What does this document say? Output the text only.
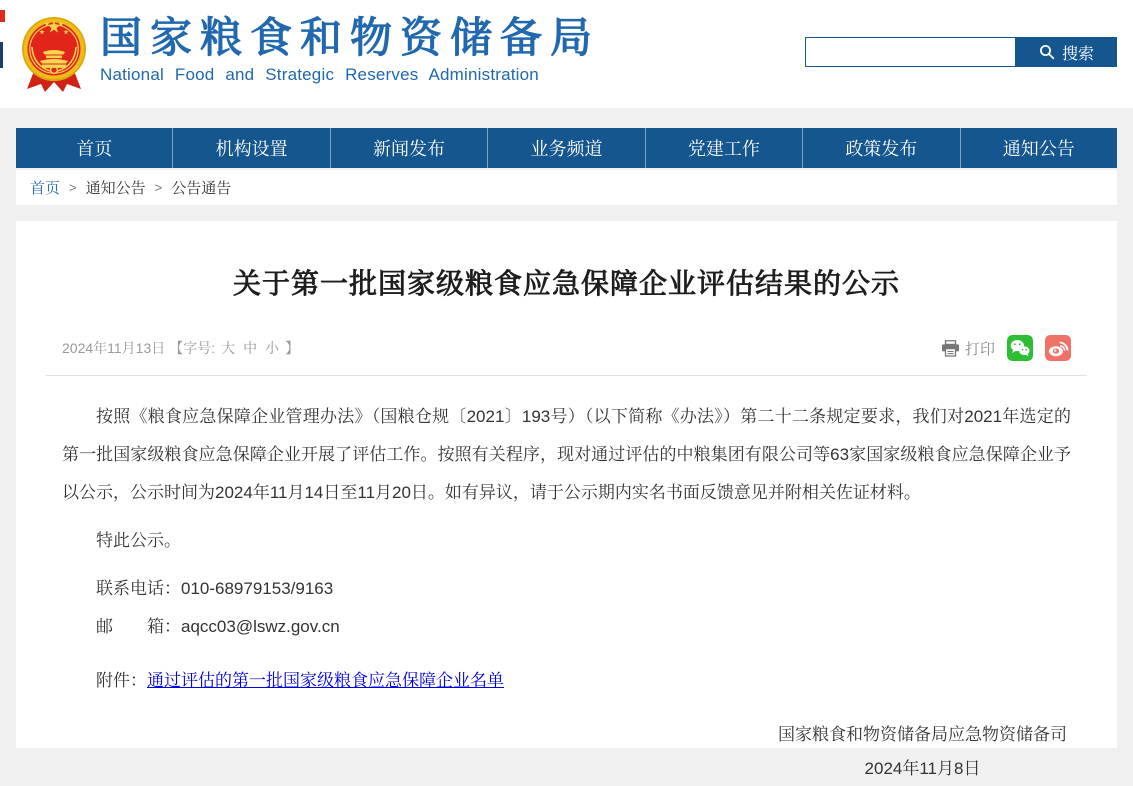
国家粮食和物资储备局
National Food and Strategic Reserves Administration
搜索
首页	机构设置	新闻发布	业务频道	党建工作	政策发布	通知公告
首页 > 通知公告 > 公告通告
关于第一批国家级粮食应急保障企业评估结果的公示
2024年11月13日 【字号: 大 中 小 】	打印

按照《粮食应急保障企业管理办法》（国粮仓规〔2021〕193号）（以下简称《办法》）第二十二条规定要求，我们对2021年选定的第一批国家级粮食应急保障企业开展了评估工作。按照有关程序，现对通过评估的中粮集团有限公司等63家国家级粮食应急保障企业予以公示，公示时间为2024年11月14日至11月20日。如有异议，请于公示期内实名书面反馈意见并附相关佐证材料。

特此公示。

联系电话：010-68979153/9163

邮　　箱：aqcc03@lswz.gov.cn

附件：通过评估的第一批国家级粮食应急保障企业名单

国家粮食和物资储备局应急物资储备司
2024年11月8日
